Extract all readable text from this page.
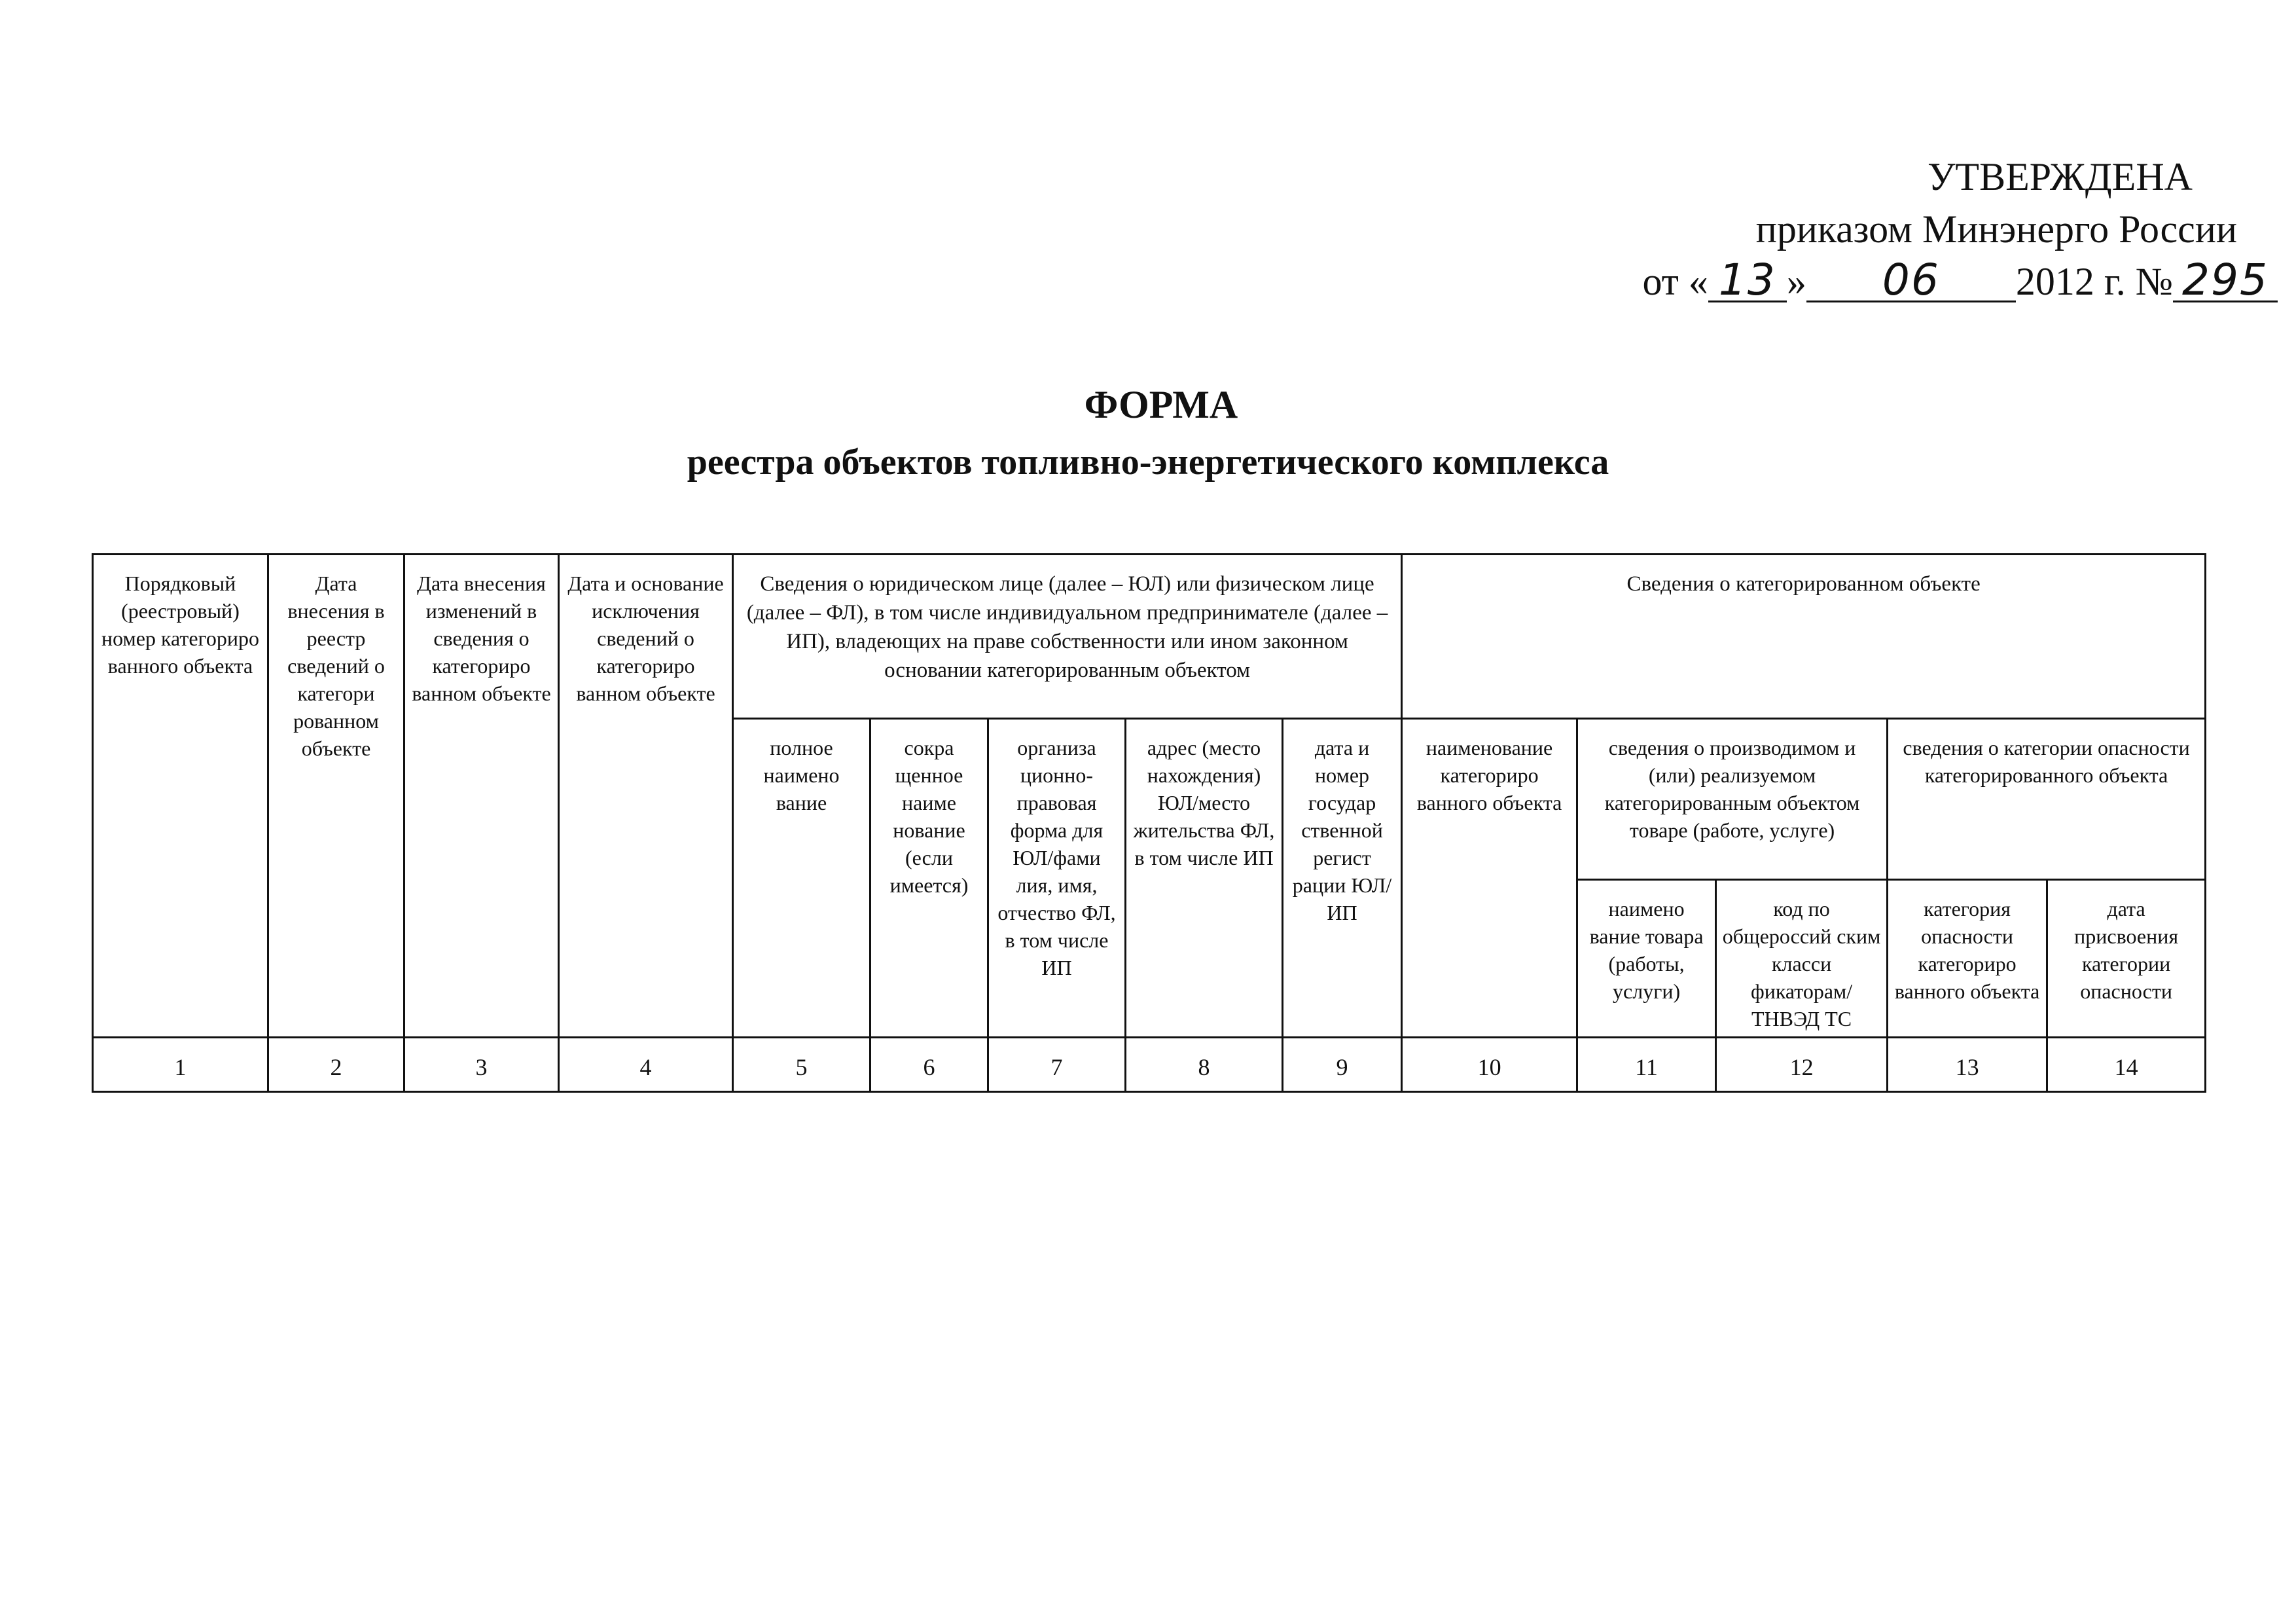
УТВЕРЖДЕНА
приказом Минэнерго России
от « 13 » 06 2012 г. № 295
ФОРМА
реестра объектов топливно-энергетического комплекса
Порядковый (реестровый) номер категориро ванного объекта	Дата внесения в реестр сведений о категори рованном объекте	Дата внесения изменений в сведения о категориро ванном объекте	Дата и основание исключения сведений о категориро ванном объекте	Сведения о юридическом лице (далее – ЮЛ) или физическом лице (далее – ФЛ), в том числе индивидуальном предпринимателе (далее – ИП), владеющих на праве собственности или ином законном основании категорированным объектом					Сведения о категорированном объекте				
				полное наимено вание	сокра щенное наиме нование (если имеется)	организа ционно-правовая форма для ЮЛ/фами лия, имя, отчество ФЛ, в том числе ИП	адрес (место нахождения) ЮЛ/место жительства ФЛ, в том числе ИП	дата и номер государ ственной регист рации ЮЛ/ИП	наименование категориро ванного объекта	сведения о производимом и (или) реализуемом категорированным объектом товаре (работе, услуге)		сведения о категории опасности категорированного объекта	
										наимено вание товара (работы, услуги)	код по общероссий ским класси фикаторам/ ТНВЭД ТС	категория опасности категориро ванного объекта	дата присвоения категории опасности
1	2	3	4	5	6	7	8	9	10	11	12	13	14
